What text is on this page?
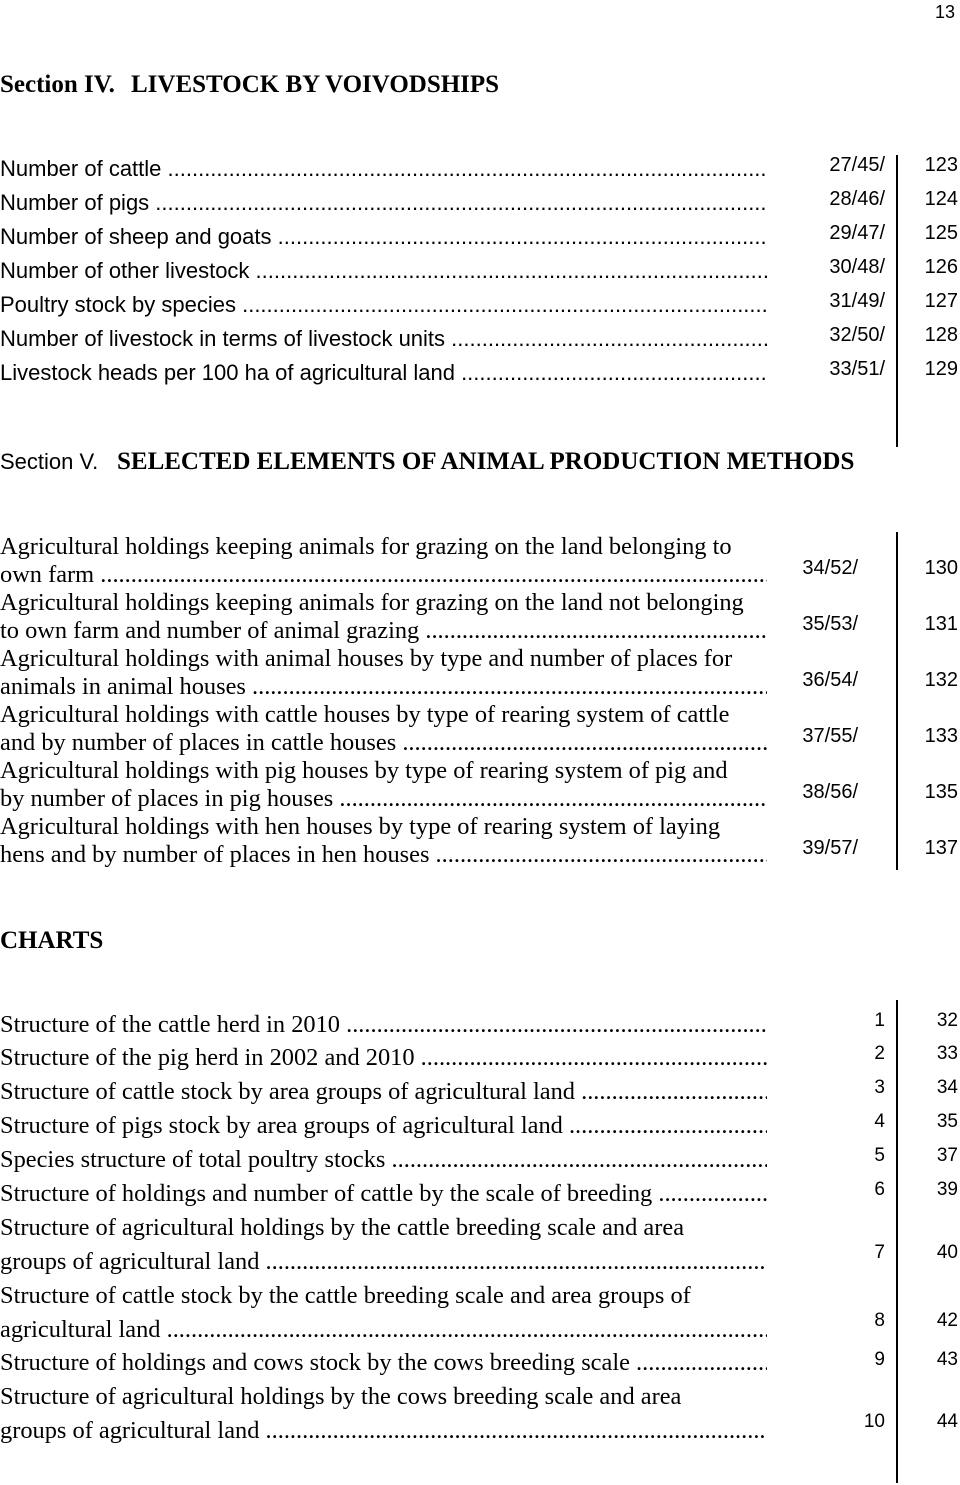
13
Section IV. LIVESTOCK BY VOIVODSHIPS
Number of cattle .....	27/45/	123
Number of pigs .....	28/46/	124
Number of sheep and goats .....	29/47/	125
Number of other livestock .....	30/48/	126
Poultry stock by species .....	31/49/	127
Number of livestock in terms of livestock units .....	32/50/	128
Livestock heads per 100 ha of agricultural land .....	33/51/	129
Section V. SELECTED ELEMENTS OF ANIMAL PRODUCTION METHODS
Agricultural holdings keeping animals for grazing on the land belonging to
own farm .....	34/52/	130
Agricultural holdings keeping animals for grazing on the land not belonging
to own farm and number of animal grazing .....	35/53/	131
Agricultural holdings with animal houses by type and number of places for
animals in animal houses .....	36/54/	132
Agricultural holdings with cattle houses by type of rearing system of cattle
and by number of places in cattle houses .....	37/55/	133
Agricultural holdings with pig houses by type of rearing system of pig and
by number of places in pig houses .....	38/56/	135
Agricultural holdings with hen houses by type of rearing system of laying
hens and by number of places in hen houses .....	39/57/	137
CHARTS
Structure of the cattle herd in 2010 .....	1	32
Structure of the pig herd in 2002 and 2010 .....	2	33
Structure of cattle stock by area groups of agricultural land .....	3	34
Structure of pigs stock by area groups of agricultural land .....	4	35
Species structure of total poultry stocks .....	5	37
Structure of holdings and number of cattle by the scale of breeding .....	6	39
Structure of agricultural holdings by the cattle breeding scale and area
groups of agricultural land .....	7	40
Structure of cattle stock by the cattle breeding scale and area groups of
agricultural land .....	8	42
Structure of holdings and cows stock by the cows breeding scale .....	9	43
Structure of agricultural holdings by the cows breeding scale and area
groups of agricultural land .....	10	44
